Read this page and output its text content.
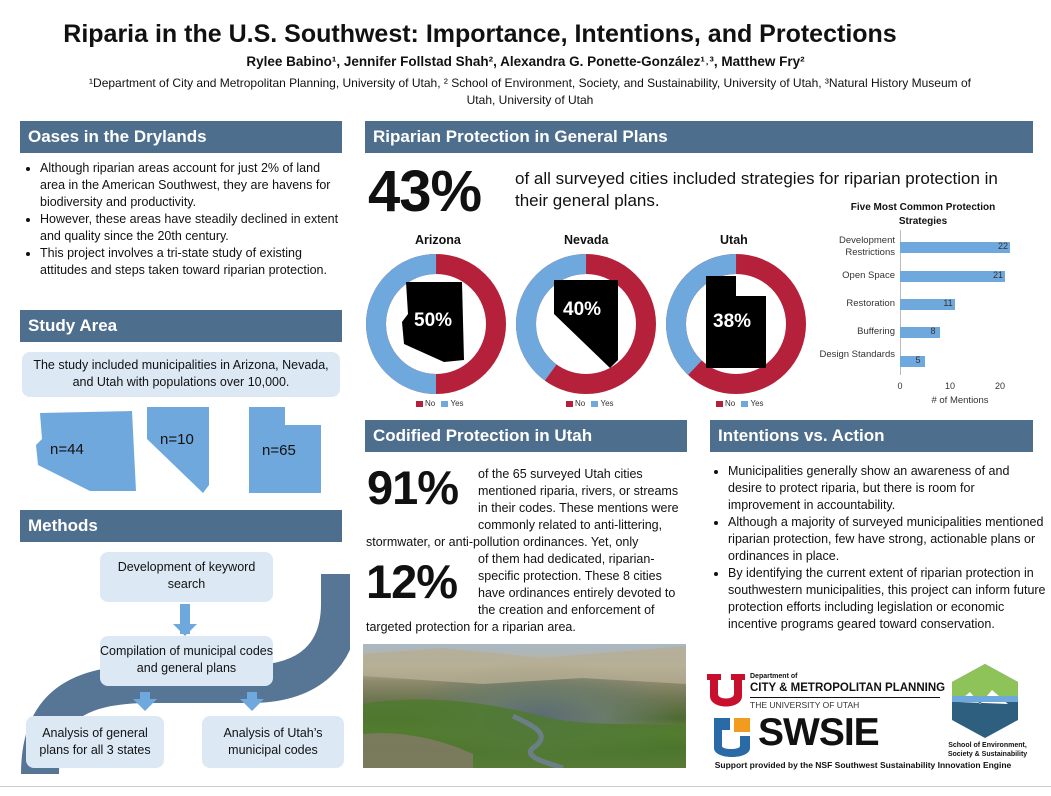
Riparia in the U.S. Southwest: Importance, Intentions, and Protections
Rylee Babino¹, Jennifer Follstad Shah², Alexandra G. Ponette-González¹˒³, Matthew Fry²
¹Department of City and Metropolitan Planning, University of Utah, ² School of Environment, Society, and Sustainability, University of Utah, ³Natural History Museum of Utah, University of Utah
Oases in the Drylands
• Although riparian areas account for just 2% of land area in the American Southwest, they are havens for biodiversity and productivity.
• However, these areas have steadily declined in extent and quality since the 20th century.
• This project involves a tri-state study of existing attitudes and steps taken toward riparian protection.
Study Area
The study included municipalities in Arizona, Nevada, and Utah with populations over 10,000.
n=44
n=10
n=65
Methods
Development of keyword search
Compilation of municipal codes and general plans
Analysis of general plans for all 3 states
Analysis of Utah’s municipal codes
Riparian Protection in General Plans
43% of all surveyed cities included strategies for riparian protection in their general plans.
Arizona	Nevada	Utah
50%
40%
38%
No Yes	No Yes	No Yes
Five Most Common Protection Strategies
Development Restrictions
22
Open Space	21
Restoration	11
Buffering	8
Design Standards	5
0	10	20
# of Mentions
Codified Protection in Utah
91%	of the 65 surveyed Utah cities mentioned riparia, rivers, or streams in their codes. These mentions were commonly related to anti-littering, stormwater, or anti-pollution ordinances. Yet, only
12%	of them had dedicated, riparian-specific protection. These 8 cities have ordinances entirely devoted to the creation and enforcement of targeted protection for a riparian area.
Intentions vs. Action
• Municipalities generally show an awareness of and desire to protect riparia, but there is room for improvement in accountability.
• Although a majority of surveyed municipalities mentioned riparian protection, few have strong, actionable plans or ordinances in place.
• By identifying the current extent of riparian protection in southwestern municipalities, this project can inform future protection efforts including legislation or economic incentive programs geared toward conservation.
Department of
CITY & METROPOLITAN PLANNING
THE UNIVERSITY OF UTAH
SWSIE	School of Environment, Society & Sustainability
Support provided by the NSF Southwest Sustainability Innovation Engine
